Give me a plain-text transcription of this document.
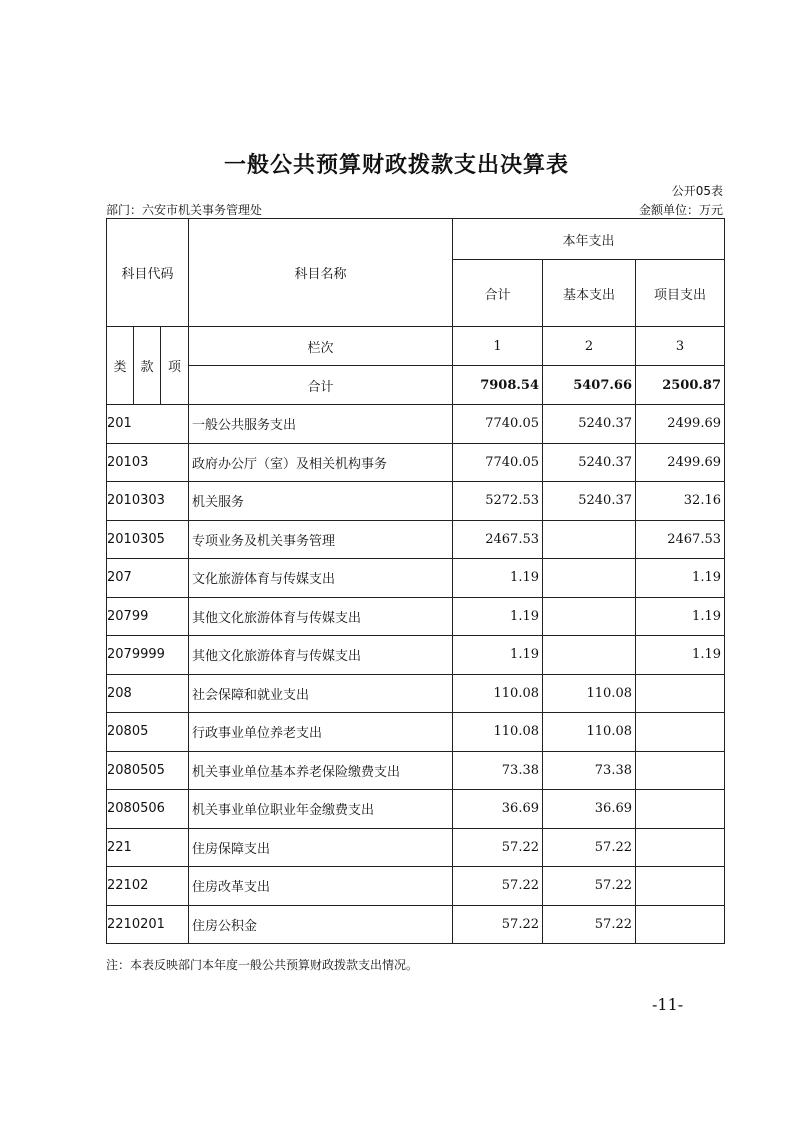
一般公共预算财政拨款支出决算表
公开05表
部门：六安市机关事务管理处	金额单位：万元
科目代码			科目名称	本年支出		
				合计	基本支出	项目支出
类	款	项	栏次	1	2	3
			合计	7908.54	5407.66	2500.87
201			一般公共服务支出	7740.05	5240.37	2499.69
20103			政府办公厅（室）及相关机构事务	7740.05	5240.37	2499.69
2010303			机关服务	5272.53	5240.37	32.16
2010305			专项业务及机关事务管理	2467.53		2467.53
207			文化旅游体育与传媒支出	1.19		1.19
20799			其他文化旅游体育与传媒支出	1.19		1.19
2079999			其他文化旅游体育与传媒支出	1.19		1.19
208			社会保障和就业支出	110.08	110.08	
20805			行政事业单位养老支出	110.08	110.08	
2080505			机关事业单位基本养老保险缴费支出	73.38	73.38	
2080506			机关事业单位职业年金缴费支出	36.69	36.69	
221			住房保障支出	57.22	57.22	
22102			住房改革支出	57.22	57.22	
2210201			住房公积金	57.22	57.22	
注：本表反映部门本年度一般公共预算财政拨款支出情况。
-11-
